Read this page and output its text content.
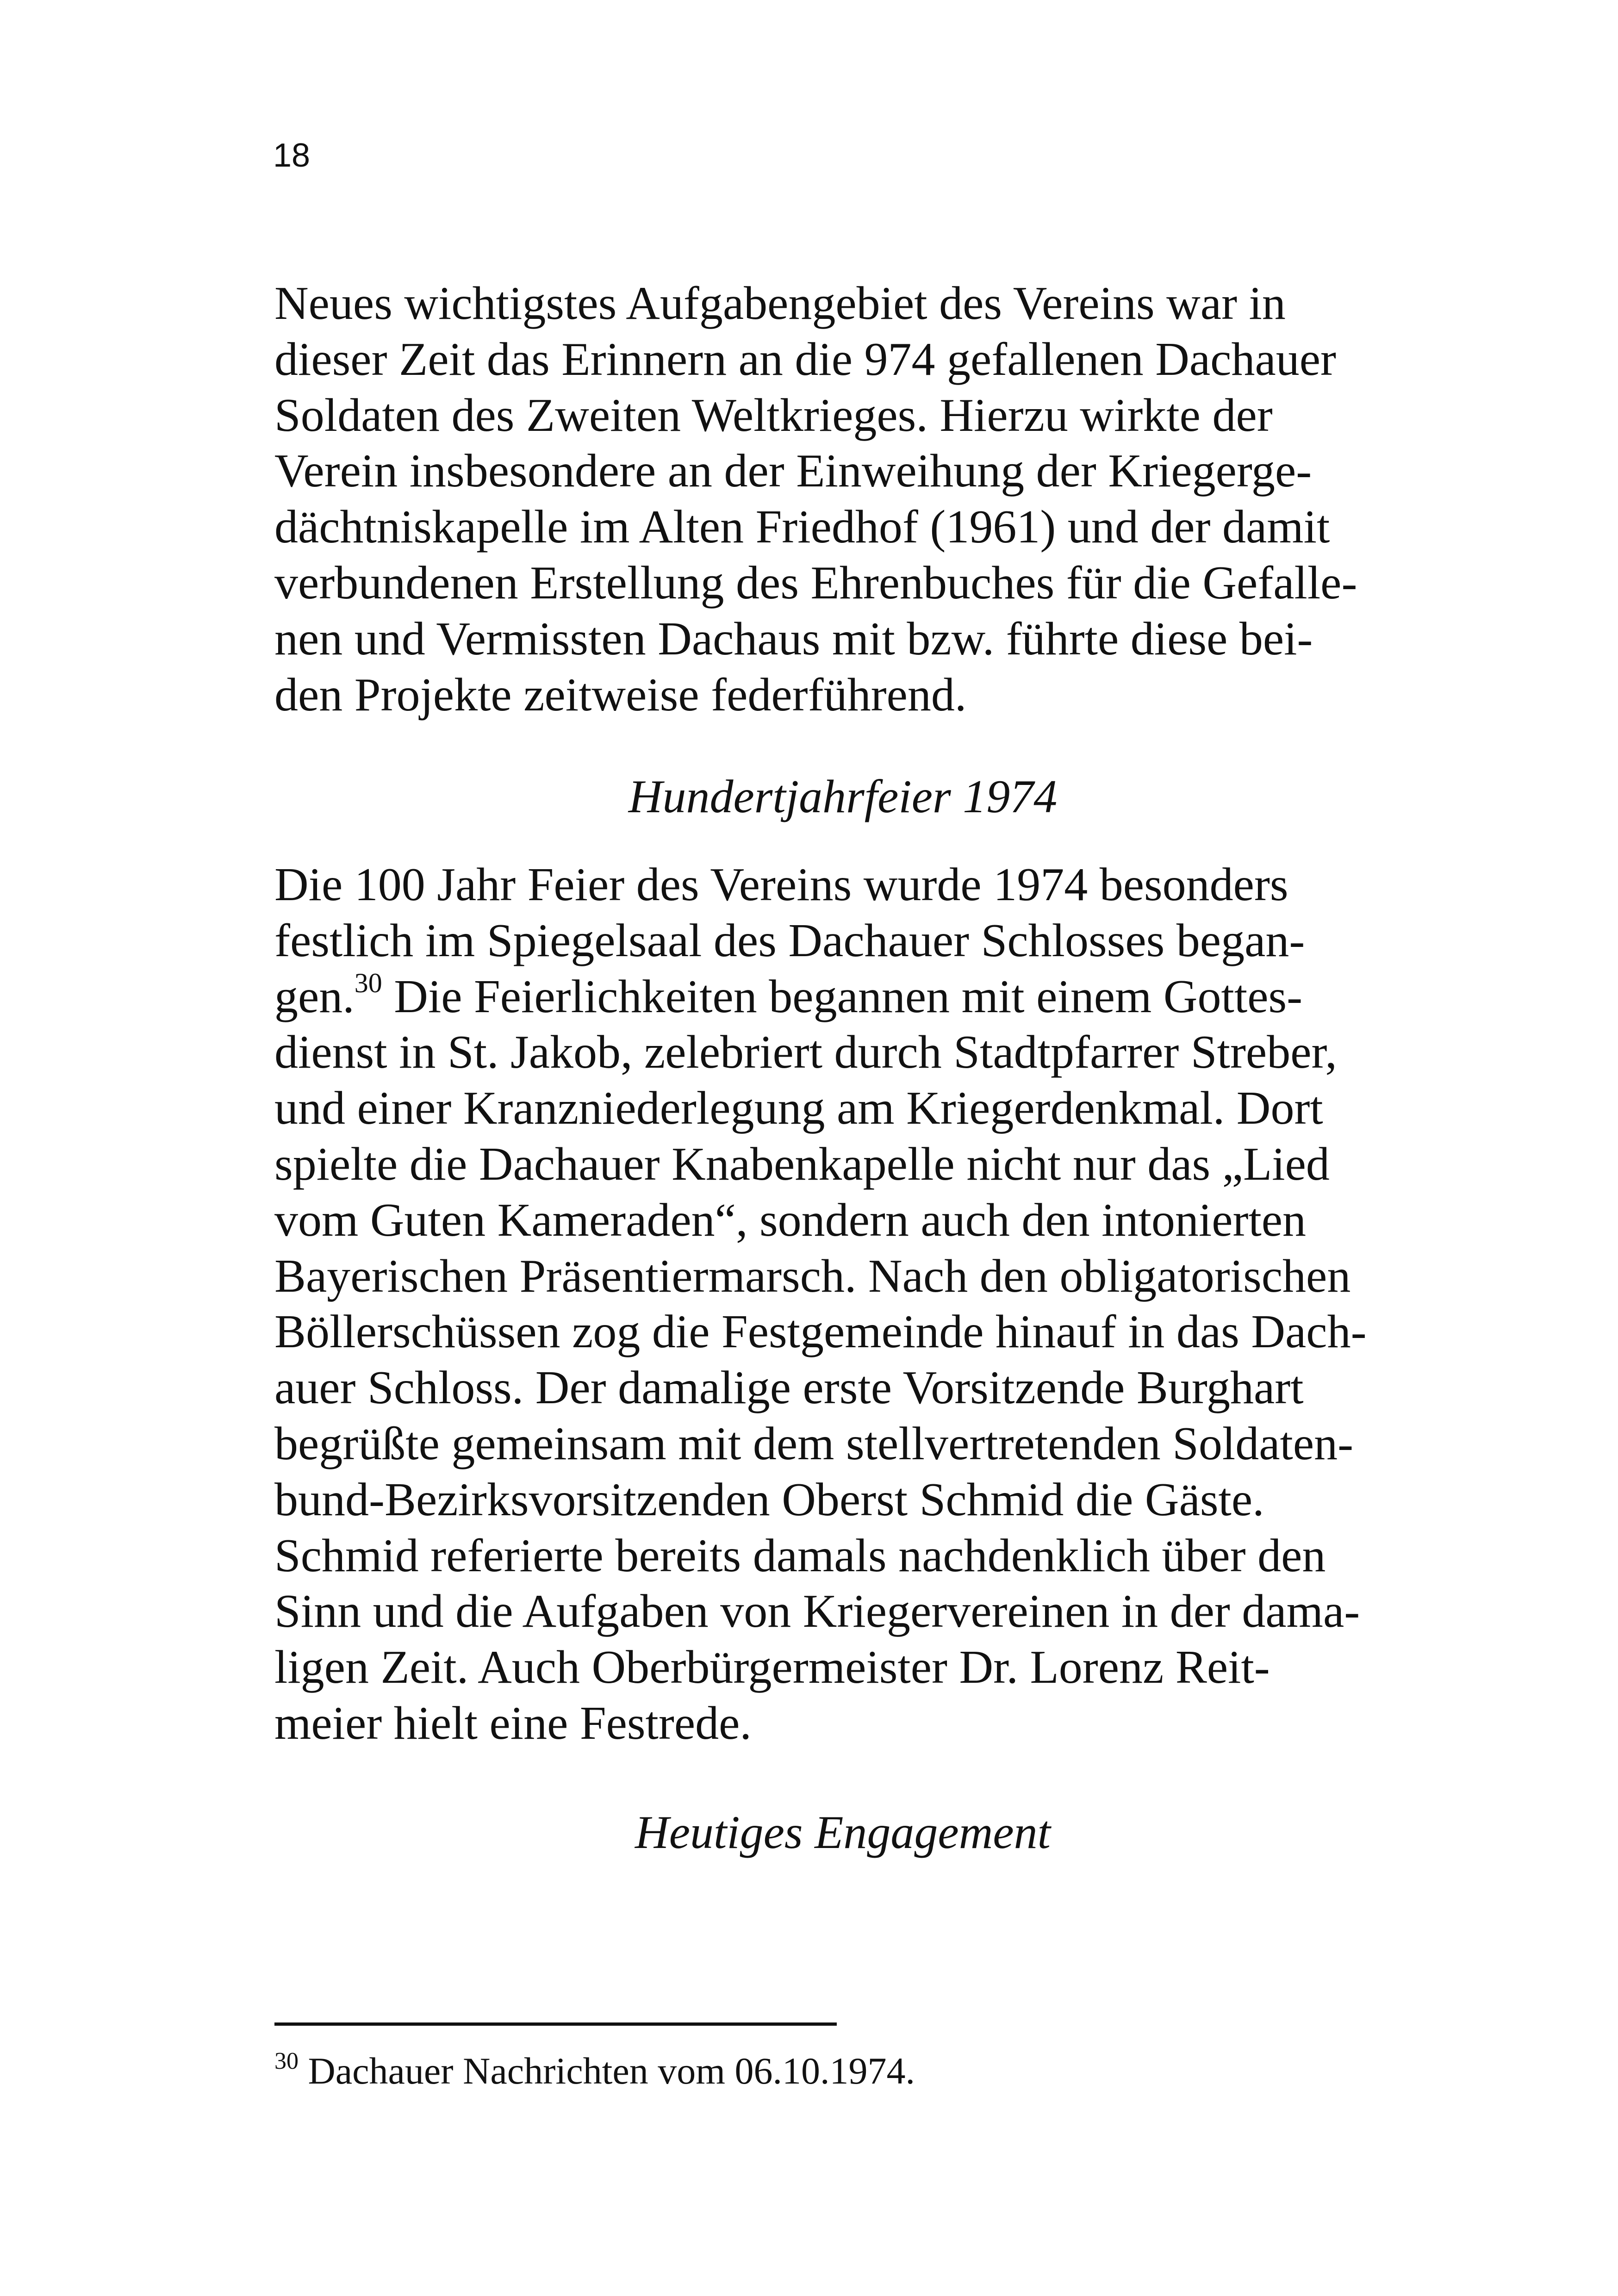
18
Neues wichtigstes Aufgabengebiet des Vereins war in
dieser Zeit das Erinnern an die 974 gefallenen Dachauer
Soldaten des Zweiten Weltkrieges. Hierzu wirkte der
Verein insbesondere an der Einweihung der Kriegerge-
dächtniskapelle im Alten Friedhof (1961) und der damit
verbundenen Erstellung des Ehrenbuches für die Gefalle-
nen und Vermissten Dachaus mit bzw. führte diese bei-
den Projekte zeitweise federführend.
Hundertjahrfeier 1974
Die 100 Jahr Feier des Vereins wurde 1974 besonders
festlich im Spiegelsaal des Dachauer Schlosses began-
gen.$^{30}$ Die Feierlichkeiten begannen mit einem Gottes-
dienst in St. Jakob, zelebriert durch Stadtpfarrer Streber,
und einer Kranzniederlegung am Kriegerdenkmal. Dort
spielte die Dachauer Knabenkapelle nicht nur das „Lied
vom Guten Kameraden“, sondern auch den intonierten
Bayerischen Präsentiermarsch. Nach den obligatorischen
Böllerschüssen zog die Festgemeinde hinauf in das Dach-
auer Schloss. Der damalige erste Vorsitzende Burghart
begrüßte gemeinsam mit dem stellvertretenden Soldaten-
bund-Bezirksvorsitzenden Oberst Schmid die Gäste.
Schmid referierte bereits damals nachdenklich über den
Sinn und die Aufgaben von Kriegervereinen in der dama-
ligen Zeit. Auch Oberbürgermeister Dr. Lorenz Reit-
meier hielt eine Festrede.
Heutiges Engagement
$^{30}$ Dachauer Nachrichten vom 06.10.1974.
